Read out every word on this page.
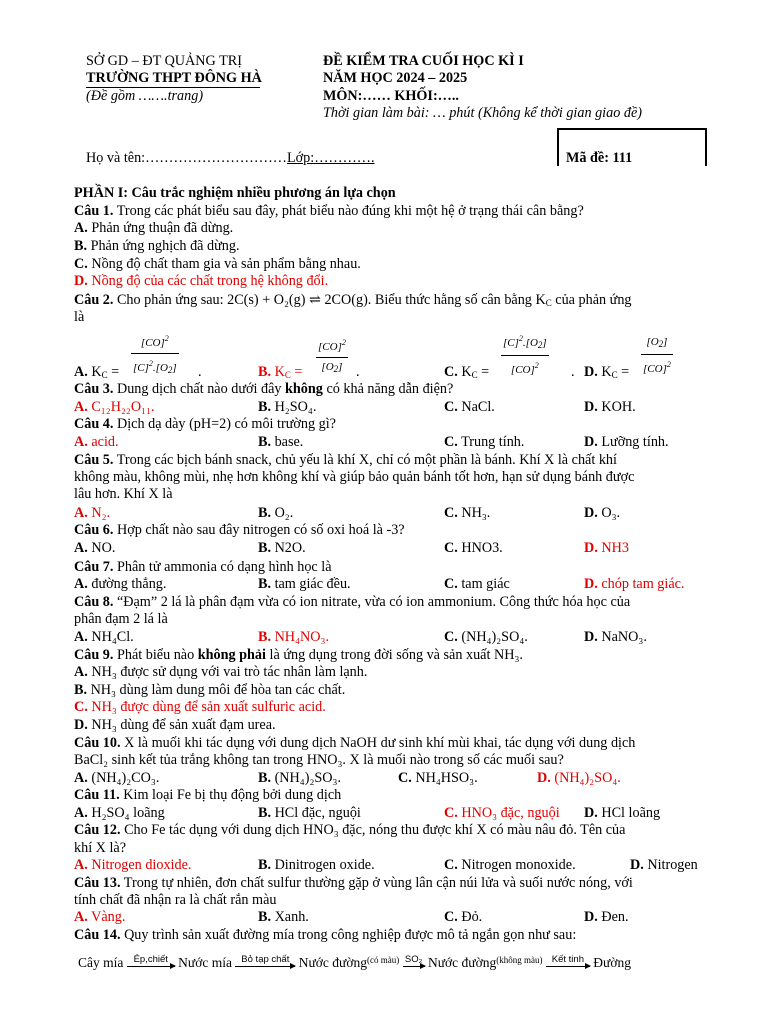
SỞ GD – ĐT QUẢNG TRỊ
TRƯỜNG THPT ĐÔNG HÀ
(Đề gồm …….trang)
ĐỀ KIỂM TRA CUỐI HỌC KÌ I
NĂM HỌC 2024 – 2025
MÔN:…… KHỐI:…..
Thời gian làm bài: … phút (Không kể thời gian giao đề)
Họ và tên:…………………………Lớp:………….	Mã đề: 111
PHẦN I: Câu trắc nghiệm nhiều phương án lựa chọn
Câu 1. Trong các phát biểu sau đây, phát biểu nào đúng khi một hệ ở trạng thái cân bằng?
A. Phản ứng thuận đã dừng.
B. Phản ứng nghịch đã dừng.
C. Nồng độ chất tham gia và sản phẩm bằng nhau.
D. Nồng độ của các chất trong hệ không đổi.
Câu 2. Cho phản ứng sau: 2C(s) + O₂(g) ⇌ 2CO(g). Biểu thức hằng số cân bằng $K_C$ của phản ứng
là
A. $K_C = \frac{[CO]^2}{[C]^2.[O_2]}$ .	B. $K_C = \frac{[CO]^2}{[O_2]}$ .	C. $K_C = \frac{[C]^2.[O_2]}{[CO]^2}$ . D. $K_C = \frac{[O_2]}{[CO]^2}$
Câu 3. Dung dịch chất nào dưới đây không có khả năng dẫn điện?
A. C₁₂H₂₂O₁₁.	B. H₂SO₄.	C. NaCl.	D. KOH.
Câu 4. Dịch dạ dày (pH=2) có môi trường gì?
A. acid.	B. base.	C. Trung tính.	D. Lưỡng tính.
Câu 5. Trong các bịch bánh snack, chủ yếu là khí X, chỉ có một phần là bánh. Khí X là chất khí
không màu, không mùi, nhẹ hơn không khí và giúp bảo quản bánh tốt hơn, hạn sử dụng bánh được
lâu hơn. Khí X là
A. N₂.	B. O₂.	C. NH₃.	D. O₃.
Câu 6. Hợp chất nào sau đây nitrogen có số oxi hoá là -3?
A. NO.	B. N2O.	C. HNO3.	D. NH3
Câu 7. Phân tử ammonia có dạng hình học là
A. đường thẳng.	B. tam giác đều.	C. tam giác	D. chóp tam giác.
Câu 8. “Đạm” 2 lá là phân đạm vừa có ion nitrate, vừa có ion ammonium. Công thức hóa học của
phân đạm 2 lá là
A. NH₄Cl.	B. NH₄NO₃.	C. (NH₄)₂SO₄.	D. NaNO₃.
Câu 9. Phát biểu nào không phải là ứng dụng trong đời sống và sản xuất NH₃.
A. NH₃ được sử dụng với vai trò tác nhân làm lạnh.
B. NH₃ dùng làm dung môi để hòa tan các chất.
C. NH₃ được dùng để sản xuất sulfuric acid.
D. NH₃ dùng để sản xuất đạm urea.
Câu 10. X là muối khi tác dụng với dung dịch NaOH dư sinh khí mùi khai, tác dụng với dung dịch
BaCl₂ sinh kết tủa trắng không tan trong HNO₃. X là muối nào trong số các muối sau?
A. (NH₄)₂CO₃.	B. (NH₄)₂SO₃.	C. NH₄HSO₃.	D. (NH₄)₂SO₄.
Câu 11. Kim loại Fe bị thụ động bởi dung dịch
A. H₂SO₄ loãng	B. HCl đặc, nguội	C. HNO₃ đặc, nguội D. HCl loãng
Câu 12. Cho Fe tác dụng với dung dịch HNO₃ đặc, nóng thu được khí X có màu nâu đỏ. Tên của
khí X là?
A. Nitrogen dioxide.	B. Dinitrogen oxide.	C. Nitrogen monoxide.	D. Nitrogen
Câu 13. Trong tự nhiên, đơn chất sulfur thường gặp ở vùng lân cận núi lửa và suối nước nóng, với
tính chất đã nhận ra là chất rắn màu
A. Vàng.	B. Xanh.	C. Đỏ.	D. Đen.
Câu 14. Quy trình sản xuất đường mía trong công nghiệp được mô tả ngắn gọn như sau:
Cây mía	Ép,chiết Nước mía Bỏ tạp chất Nước đường$^{(có màu)}$ SO₂ Nước đường$^{(không màu)}$ Kết tinh Đường
